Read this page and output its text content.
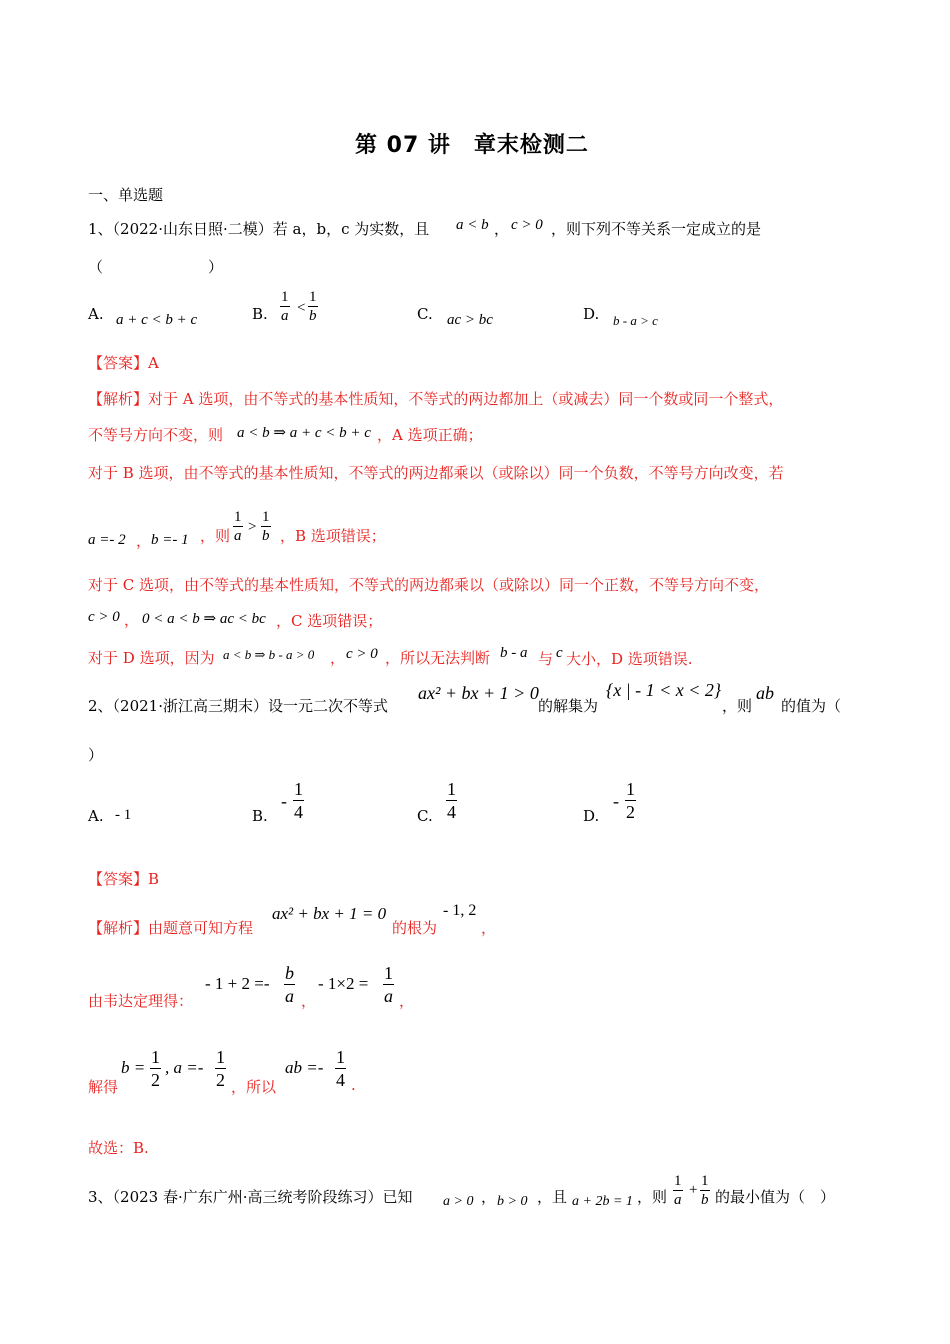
第 07 讲　章末检测二
一、单选题
1、（2022·山东日照·二模）若 a，b，c 为实数，且 a < b ， c > 0 ，则下列不等关系一定成立的是
（　　　　　　　）
A. a + c < b + c	B.
1
a <
1
b	C. ac > bc	D. b - a > c
【答案】A
【解析】对于 A 选项，由不等式的基本性质知，不等式的两边都加上（或减去）同一个数或同一个整式，
不等号方向不变，则 a < b ⇒ a + c < b + c ，A 选项正确；
对于 B 选项，由不等式的基本性质知，不等式的两边都乘以（或除以）同一个负数，不等号方向改变，若
a =- 2 ， b =- 1 ，则
1
a
>
1
b ，B 选项错误；
对于 C 选项，由不等式的基本性质知，不等式的两边都乘以（或除以）同一个正数，不等号方向不变，
c > 0 ， 0 < a < b ⇒ ac < bc ，C 选项错误；
对于 D 选项，因为 a < b ⇒ b - a > 0 ， c > 0 ，所以无法判断 b - a 与 c 大小，D 选项错误.
2、（2021·浙江高三期末）设一元二次不等式
ax² + bx + 1 > 0
的解集为
{x | - 1 < x < 2}
，则
ab
的值为（
）
A. - 1	B.
-
1
4	C.
1
4	D.
-
1
2
【答案】B
【解析】由题意可知方程
ax² + bx + 1 = 0
的根为
- 1, 2
，
由韦达定理得：
- 1 + 2 =-
b
a ，
- 1×2 =
1
a ，
解得
b =
1
2
, a =-
1
2 ，所以
ab =-
1
4 .
故选：B.
3、（2023 春·广东广州·高三统考阶段练习）已知 a > 0 ， b > 0 ，且 a + 2b = 1 ，则
1
a
+
1
b 的最小值为（　）
